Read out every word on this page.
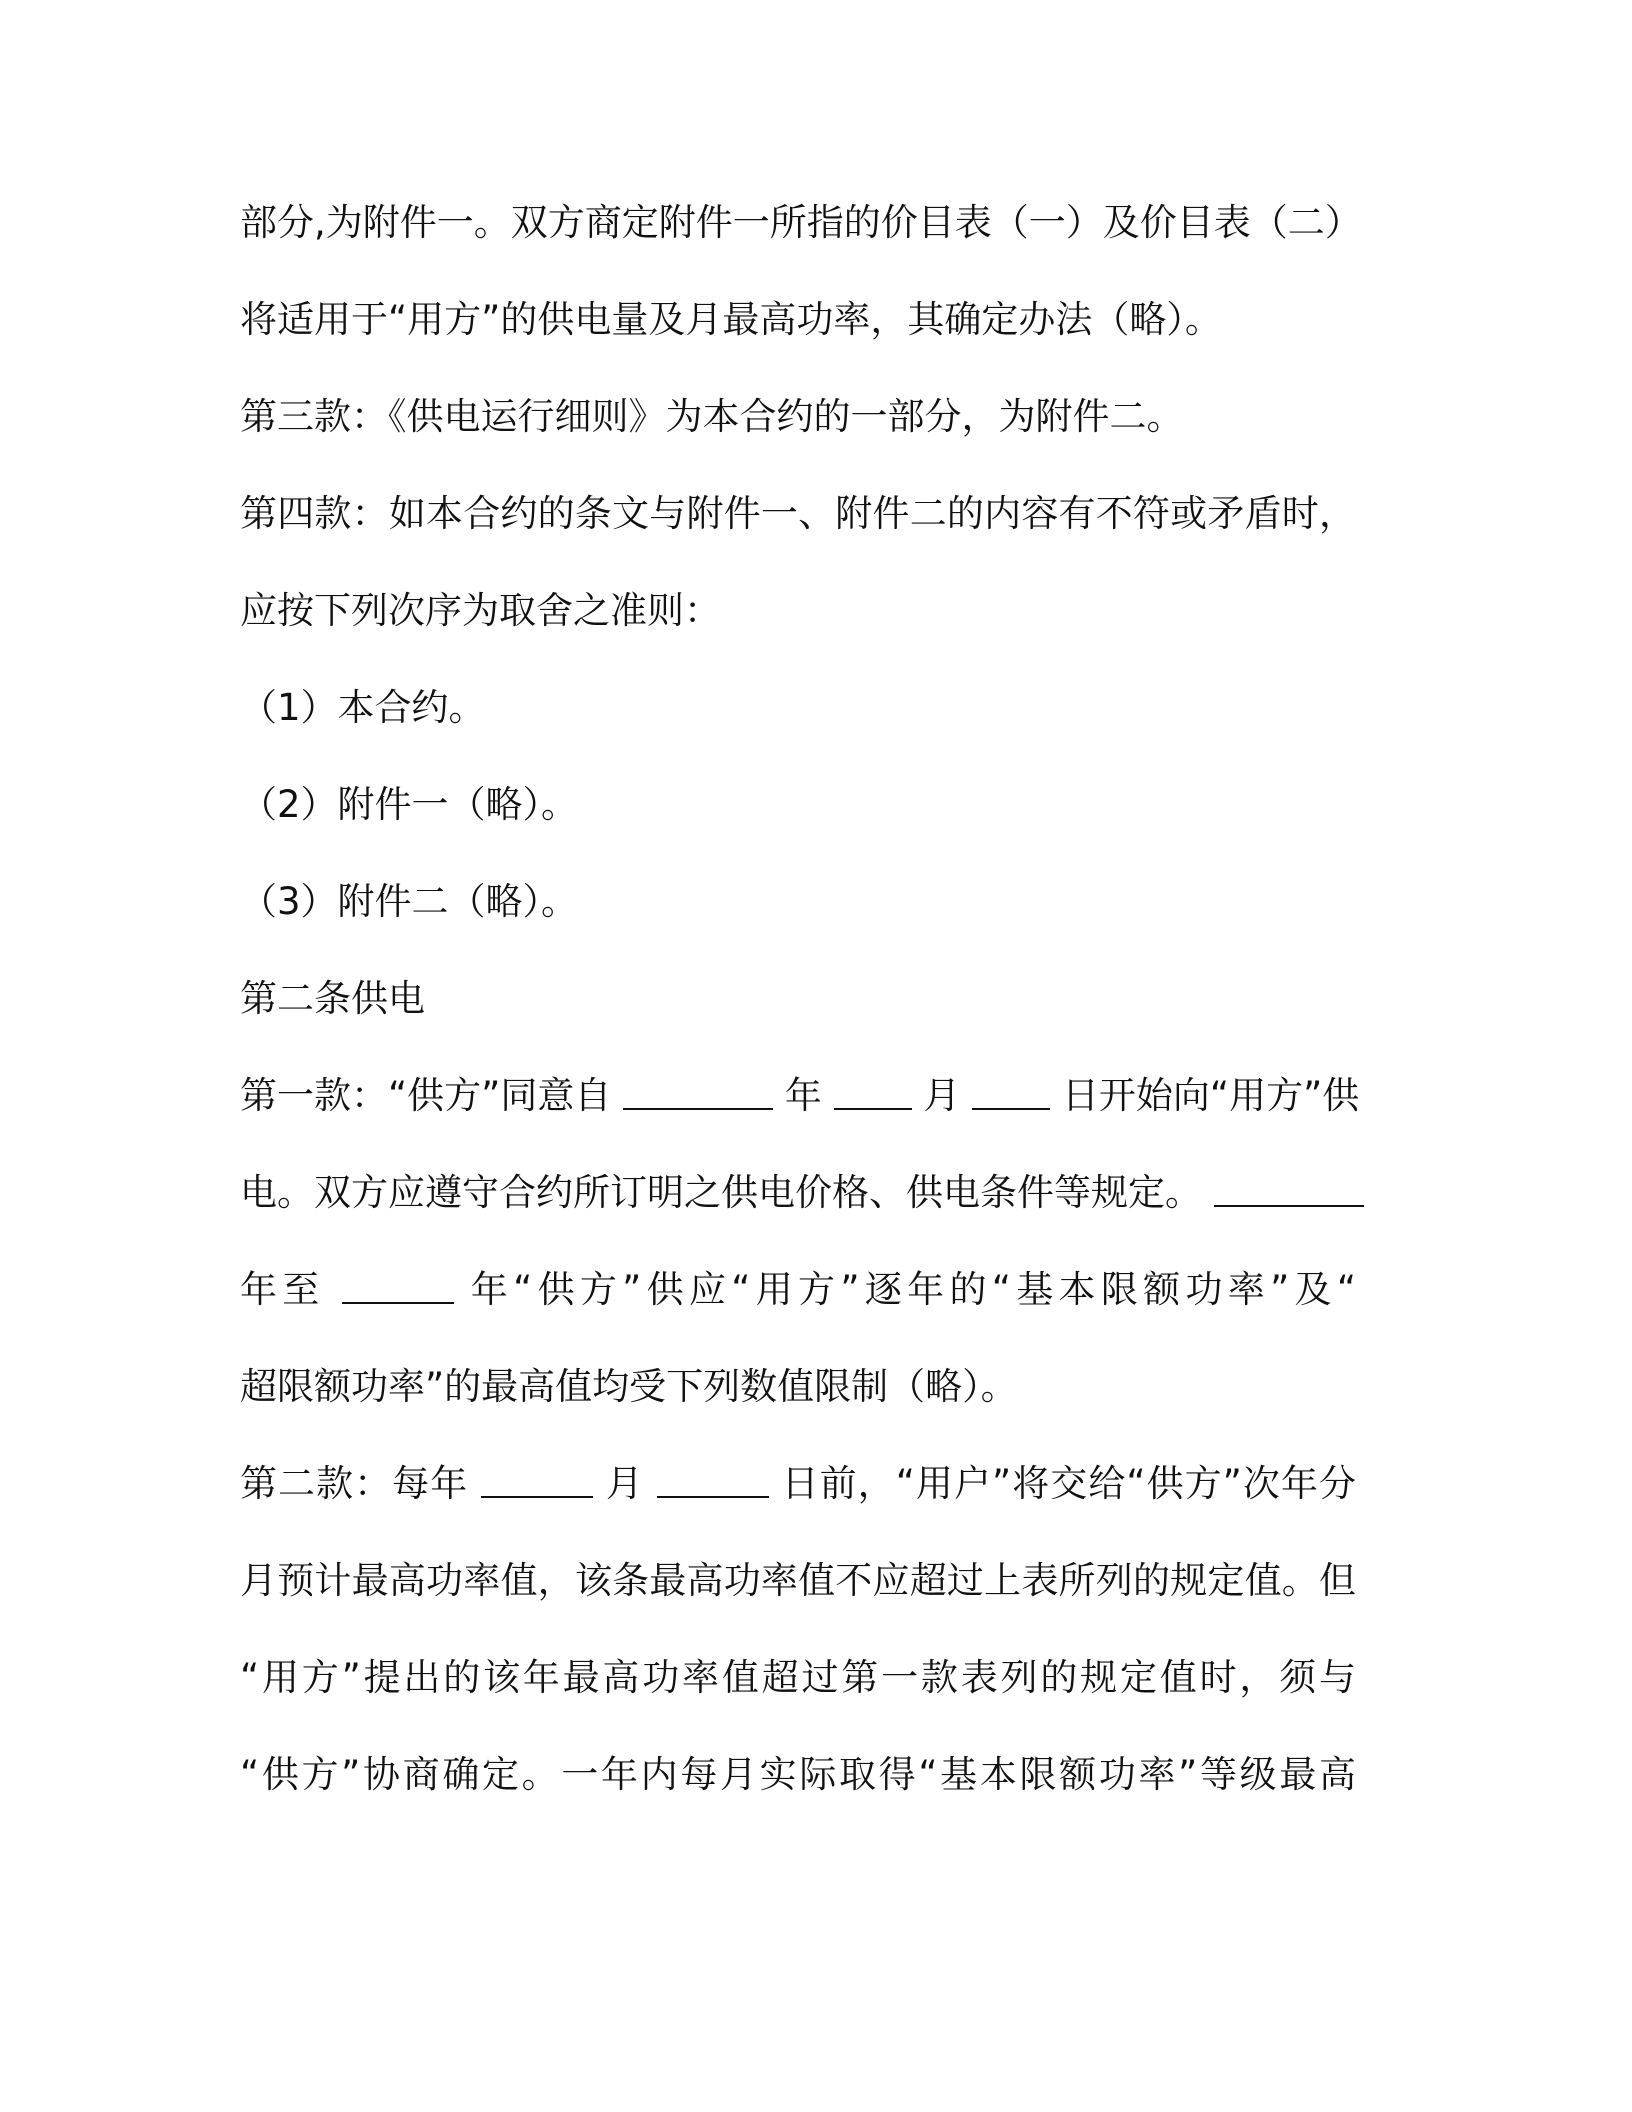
部分,为附件一。双方商定附件一所指的价目表（一）及价目表（二）
将适用于“用方”的供电量及月最高功率，其确定办法（略）。
第三款：《供电运行细则》为本合约的一部分，为附件二。
第四款：如本合约的条文与附件一、附件二的内容有不符或矛盾时，
应按下列次序为取舍之准则：
（1）本合约。
（2）附件一（略）。
（3）附件二（略）。
第二条供电
第一款：“供方”同意自	年	月	日开始向“用方”供
电。双方应遵守合约所订明之供电价格、供电条件等规定。
年至	年“供方”供应“用方”逐年的“基本限额功率”及“
超限额功率”的最高值均受下列数值限制（略）。
第二款：每年	月	日前，“用户”将交给“供方”次年分
月预计最高功率值，该条最高功率值不应超过上表所列的规定值。但
“用方”提出的该年最高功率值超过第一款表列的规定值时，须与
“供方”协商确定。一年内每月实际取得“基本限额功率”等级最高
